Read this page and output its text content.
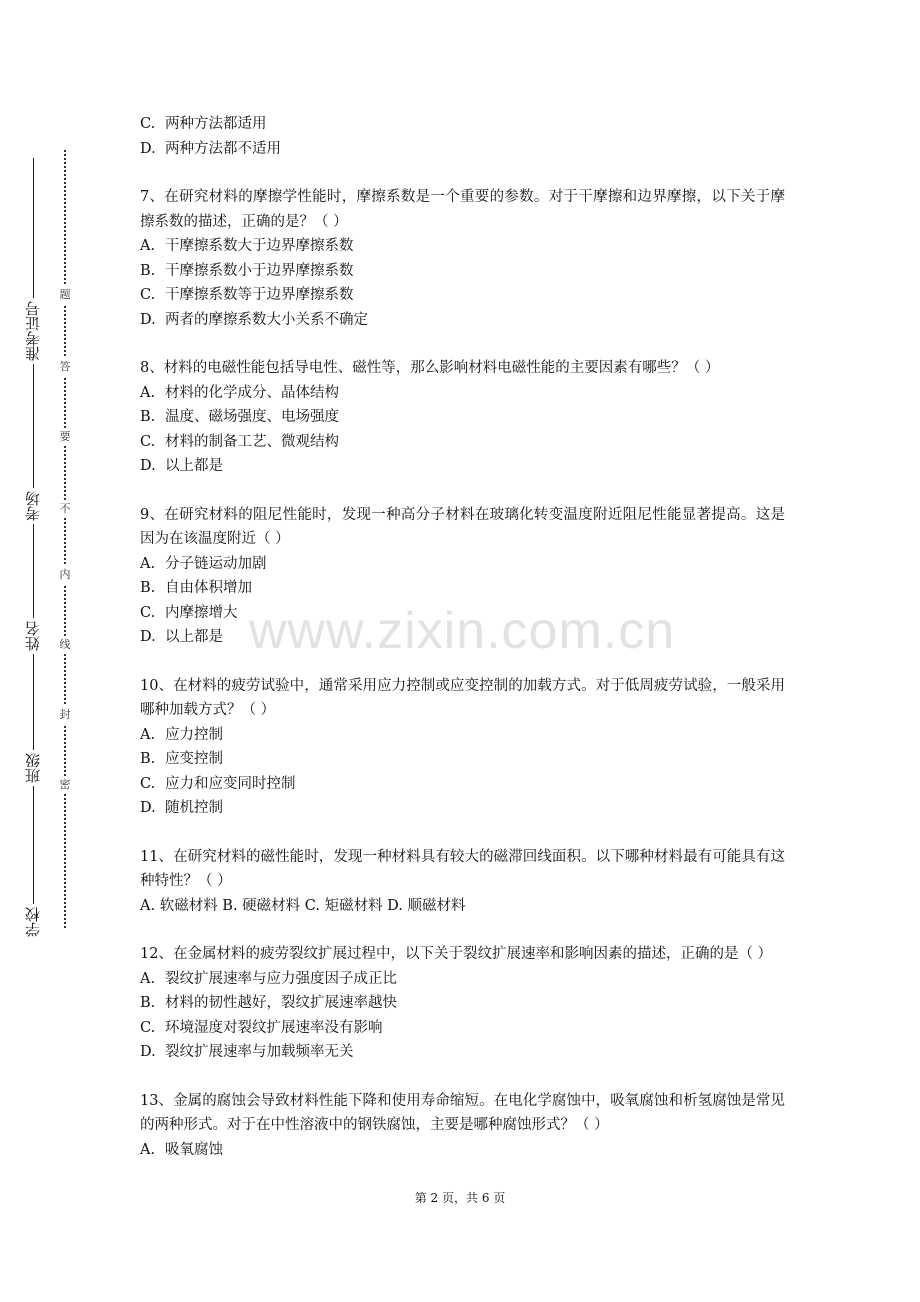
准考证号
考场
姓名
班级
学校
题
答
要
不
内
线
封
密
C. 两种方法都适用
D. 两种方法都不适用
7、在研究材料的摩擦学性能时，摩擦系数是一个重要的参数。对于干摩擦和边界摩擦，以下关于摩擦系数的描述，正确的是？（ ）
A. 干摩擦系数大于边界摩擦系数
B. 干摩擦系数小于边界摩擦系数
C. 干摩擦系数等于边界摩擦系数
D. 两者的摩擦系数大小关系不确定
8、材料的电磁性能包括导电性、磁性等，那么影响材料电磁性能的主要因素有哪些？（ ）
A. 材料的化学成分、晶体结构
B. 温度、磁场强度、电场强度
C. 材料的制备工艺、微观结构
D. 以上都是
9、在研究材料的阻尼性能时，发现一种高分子材料在玻璃化转变温度附近阻尼性能显著提高。这是因为在该温度附近（ ）
A. 分子链运动加剧
B. 自由体积增加
C. 内摩擦增大
D. 以上都是
10、在材料的疲劳试验中，通常采用应力控制或应变控制的加载方式。对于低周疲劳试验，一般采用哪种加载方式？（ ）
A. 应力控制
B. 应变控制
C. 应力和应变同时控制
D. 随机控制
11、在研究材料的磁性能时，发现一种材料具有较大的磁滞回线面积。以下哪种材料最有可能具有这种特性？（ ）
A. 软磁材料 B. 硬磁材料 C. 矩磁材料 D. 顺磁材料
12、在金属材料的疲劳裂纹扩展过程中，以下关于裂纹扩展速率和影响因素的描述，正确的是（ ）
A. 裂纹扩展速率与应力强度因子成正比
B. 材料的韧性越好，裂纹扩展速率越快
C. 环境湿度对裂纹扩展速率没有影响
D. 裂纹扩展速率与加载频率无关
13、金属的腐蚀会导致材料性能下降和使用寿命缩短。在电化学腐蚀中，吸氧腐蚀和析氢腐蚀是常见的两种形式。对于在中性溶液中的钢铁腐蚀，主要是哪种腐蚀形式？（ ）
A. 吸氧腐蚀
www.zixin.com.cn
第 2 页，共 6 页
